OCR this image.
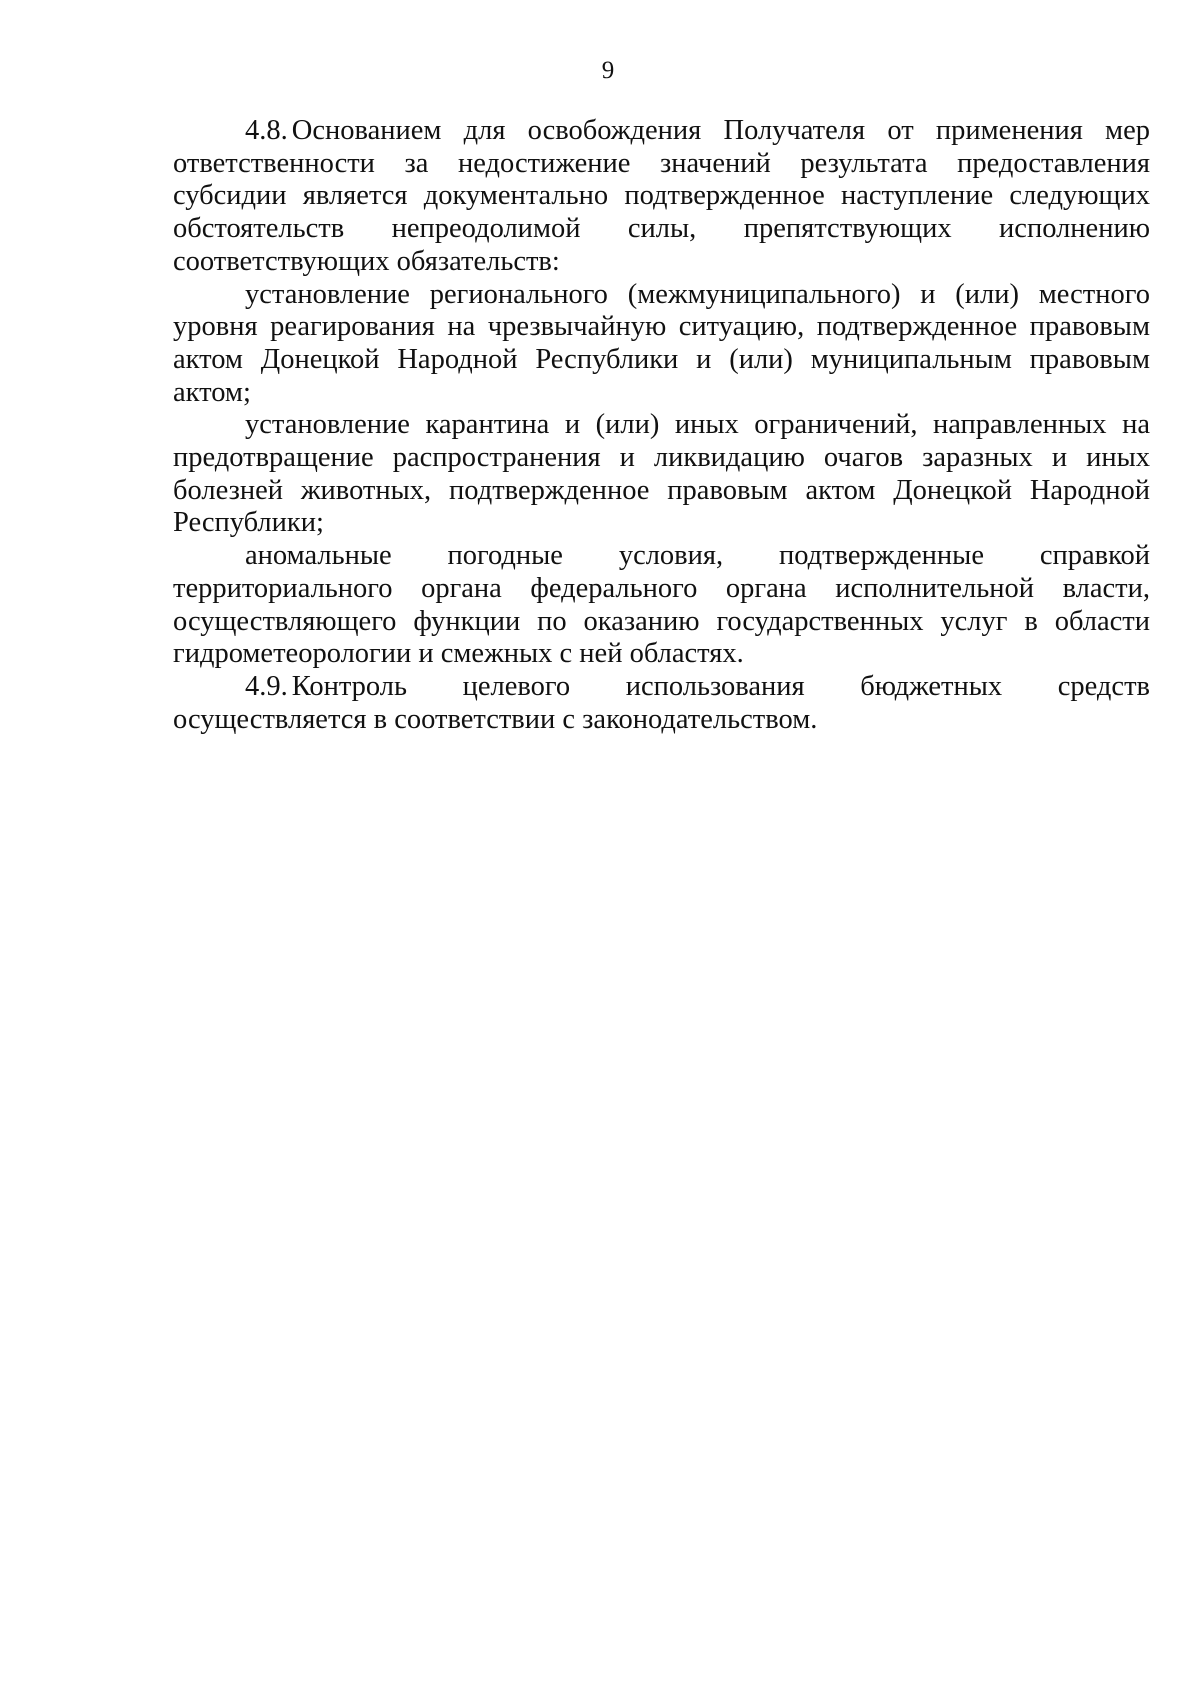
9

4.8. Основанием для освобождения Получателя от применения мер ответственности за недостижение значений результата предоставления субсидии является документально подтвержденное наступление следующих обстоятельств непреодолимой силы, препятствующих исполнению соответствующих обязательств:

установление регионального (межмуниципального) и (или) местного уровня реагирования на чрезвычайную ситуацию, подтвержденное правовым актом Донецкой Народной Республики и (или) муниципальным правовым актом;

установление карантина и (или) иных ограничений, направленных на предотвращение распространения и ликвидацию очагов заразных и иных болезней животных, подтвержденное правовым актом Донецкой Народной Республики;

аномальные погодные условия, подтвержденные справкой территориального органа федерального органа исполнительной власти, осуществляющего функции по оказанию государственных услуг в области гидрометеорологии и смежных с ней областях.

4.9. Контроль целевого использования бюджетных средств осуществляется в соответствии с законодательством.
